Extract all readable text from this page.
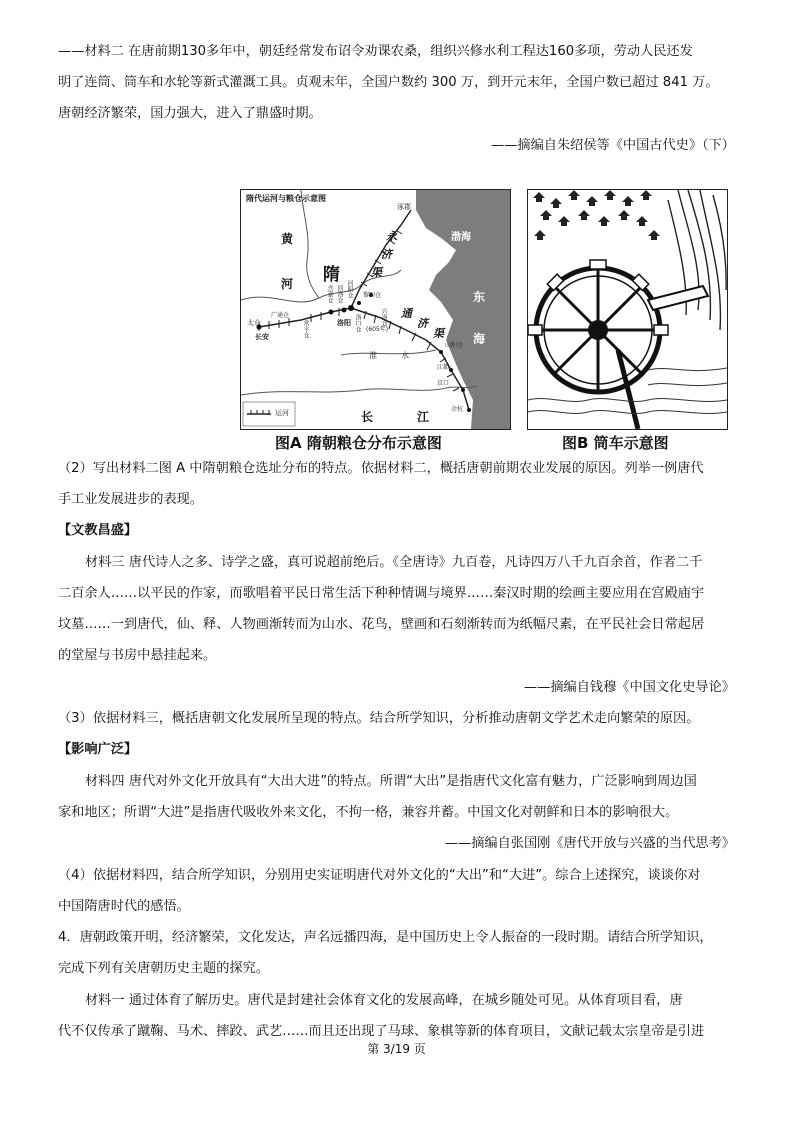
——材料二 在唐前期130多年中，朝廷经常发布诏令劝课农桑，组织兴修水利工程达160多项，劳动人民还发
明了连筒、筒车和水轮等新式灌溉工具。贞观末年，全国户数约 300 万，到开元末年，全国户数已超过 841 万。
唐朝经济繁荣，国力强大，进入了鼎盛时期。
——摘编自朱绍侯等《中国古代史》（下）
隋代运河与粮仓示意图
隋
黄
河
永
济
渠
通
济
渠
渤海
东
海
长	江
涿郡
太仓
广通仓
长安	常平仓
含嘉仓 回洛仓 河阳仓
洛阳 洛口仓
黎阳仓
兴洛仓
(605年)
山阳仓
江都
京口
余杭
淮	水
运河
图A 隋朝粮仓分布示意图	图B 筒车示意图
（2）写出材料二图 A 中隋朝粮仓选址分布的特点。依据材料二，概括唐朝前期农业发展的原因。列举一例唐代
手工业发展进步的表现。
【文教昌盛】
材料三 唐代诗人之多、诗学之盛，真可说超前绝后。《全唐诗》九百卷，凡诗四万八千九百余首，作者二千
二百余人……以平民的作家，而歌唱着平民日常生活下种种情调与境界……秦汉时期的绘画主要应用在宫殿庙宇
坟墓……一到唐代，仙、释、人物画渐转而为山水、花鸟，壁画和石刻渐转而为纸幅尺素，在平民社会日常起居
的堂屋与书房中悬挂起来。
——摘编自钱穆《中国文化史导论》
（3）依据材料三，概括唐朝文化发展所呈现的特点。结合所学知识，分析推动唐朝文学艺术走向繁荣的原因。
【影响广泛】
材料四 唐代对外文化开放具有“大出大进”的特点。所谓“大出”是指唐代文化富有魅力，广泛影响到周边国
家和地区；所谓“大进”是指唐代吸收外来文化，不拘一格，兼容并蓄。中国文化对朝鲜和日本的影响很大。
——摘编自张国刚《唐代开放与兴盛的当代思考》
（4）依据材料四，结合所学知识，分别用史实证明唐代对外文化的“大出”和“大进”。综合上述探究，谈谈你对
中国隋唐时代的感悟。
4．唐朝政策开明，经济繁荣，文化发达，声名远播四海，是中国历史上令人振奋的一段时期。请结合所学知识，
完成下列有关唐朝历史主题的探究。
材料一 通过体育了解历史。唐代是封建社会体育文化的发展高峰，在城乡随处可见。从体育项目看，唐
代不仅传承了蹴鞠、马术、摔跤、武艺……而且还出现了马球、象棋等新的体育项目，文献记载太宗皇帝是引进
第 3/19 页
